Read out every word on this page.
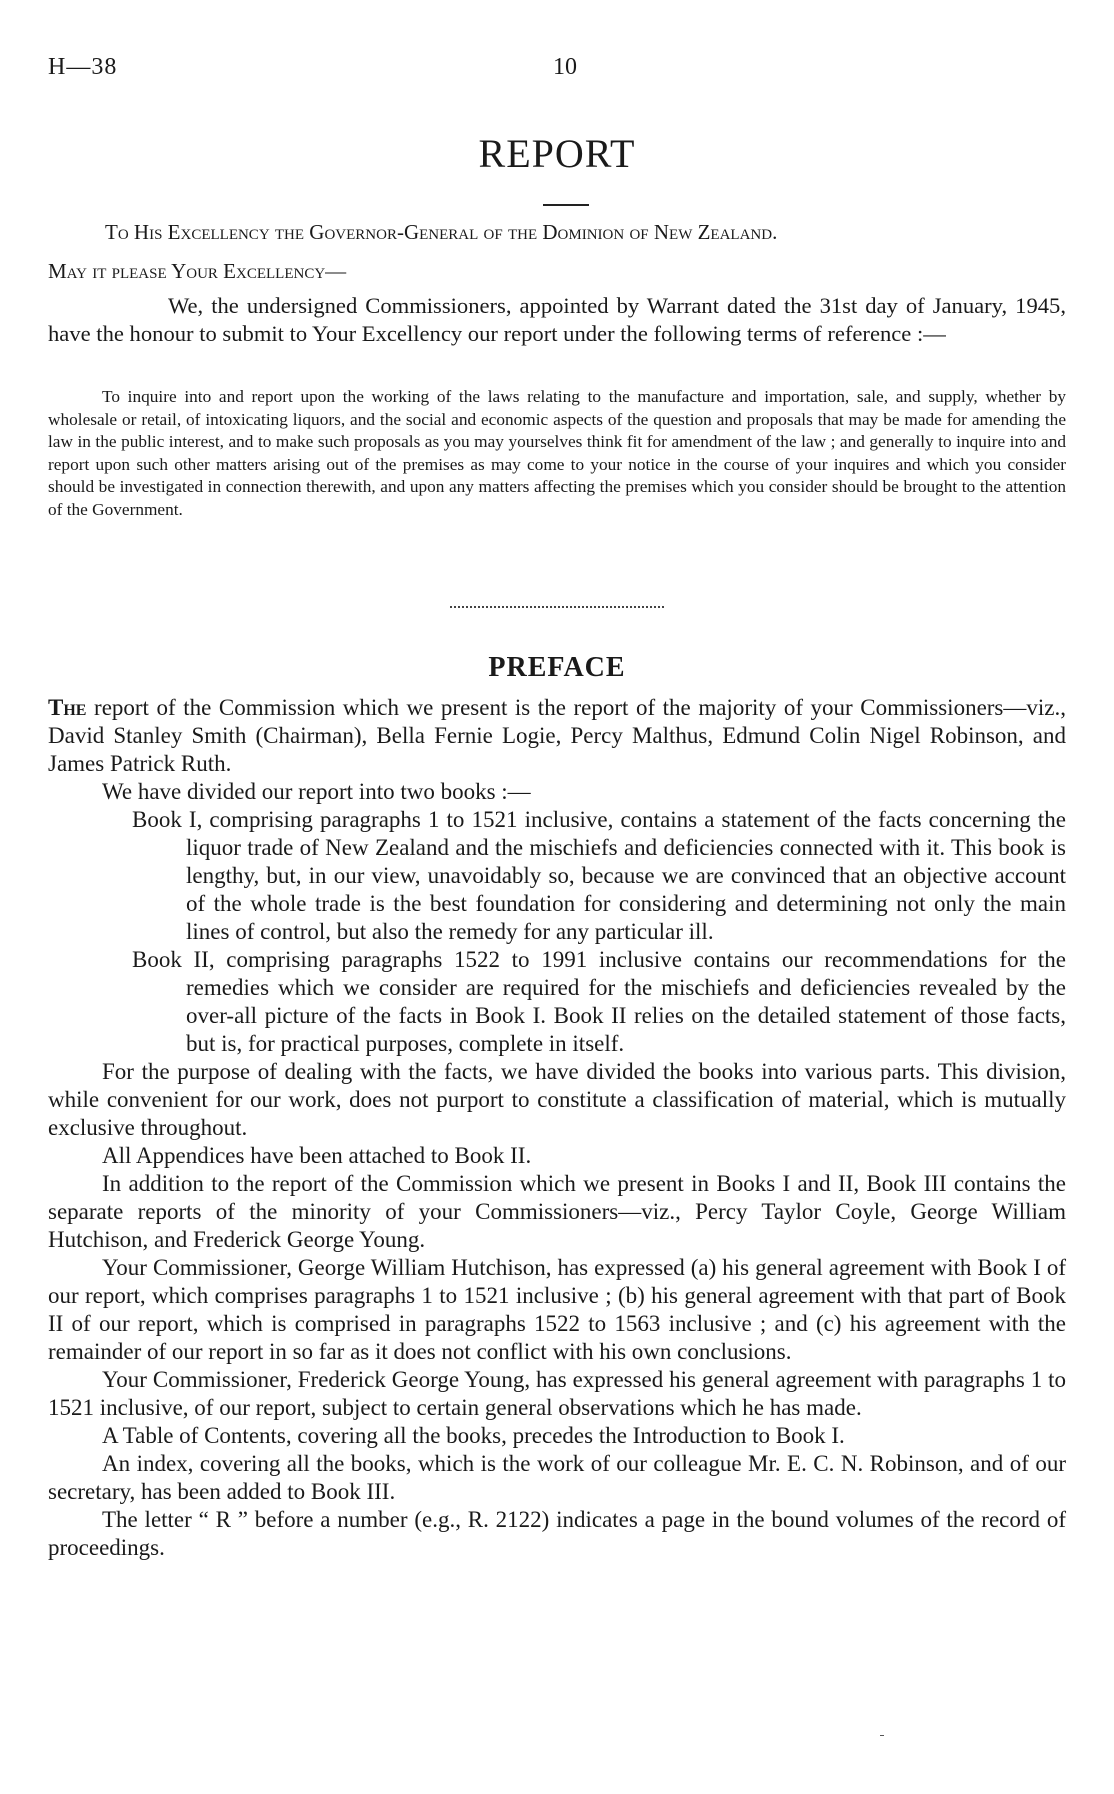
H—38	10
REPORT
To His Excellency the Governor-General of the Dominion of New Zealand.
May it please Your Excellency—

We, the undersigned Commissioners, appointed by Warrant dated the 31st day of January, 1945, have the honour to submit to Your Excellency our report under the following terms of reference :—

To inquire into and report upon the working of the laws relating to the manufacture and importation, sale, and supply, whether by wholesale or retail, of intoxicating liquors, and the social and economic aspects of the question and proposals that may be made for amending the law in the public interest, and to make such proposals as you may yourselves think fit for amendment of the law ; and generally to inquire into and report upon such other matters arising out of the premises as may come to your notice in the course of your inquires and which you consider should be investigated in connection therewith, and upon any matters affecting the premises which you consider should be brought to the attention of the Government.

PREFACE

The report of the Commission which we present is the report of the majority of your Commissioners—viz., David Stanley Smith (Chairman), Bella Fernie Logie, Percy Malthus, Edmund Colin Nigel Robinson, and James Patrick Ruth.

We have divided our report into two books :—

Book I, comprising paragraphs 1 to 1521 inclusive, contains a statement of the facts concerning the liquor trade of New Zealand and the mischiefs and deficiencies connected with it. This book is lengthy, but, in our view, unavoidably so, because we are convinced that an objective account of the whole trade is the best foundation for considering and determining not only the main lines of control, but also the remedy for any particular ill.

Book II, comprising paragraphs 1522 to 1991 inclusive contains our recommendations for the remedies which we consider are required for the mischiefs and deficiencies revealed by the over-all picture of the facts in Book I. Book II relies on the detailed statement of those facts, but is, for practical purposes, complete in itself.

For the purpose of dealing with the facts, we have divided the books into various parts. This division, while convenient for our work, does not purport to constitute a classification of material, which is mutually exclusive throughout.

All Appendices have been attached to Book II.

In addition to the report of the Commission which we present in Books I and II, Book III contains the separate reports of the minority of your Commissioners—viz., Percy Taylor Coyle, George William Hutchison, and Frederick George Young.

Your Commissioner, George William Hutchison, has expressed (a) his general agreement with Book I of our report, which comprises paragraphs 1 to 1521 inclusive ; (b) his general agreement with that part of Book II of our report, which is comprised in paragraphs 1522 to 1563 inclusive ; and (c) his agreement with the remainder of our report in so far as it does not conflict with his own conclusions.

Your Commissioner, Frederick George Young, has expressed his general agreement with paragraphs 1 to 1521 inclusive, of our report, subject to certain general observations which he has made.

A Table of Contents, covering all the books, precedes the Introduction to Book I.

An index, covering all the books, which is the work of our colleague Mr. E. C. N. Robinson, and of our secretary, has been added to Book III.

The letter “ R ” before a number (e.g., R. 2122) indicates a page in the bound volumes of the record of proceedings.
